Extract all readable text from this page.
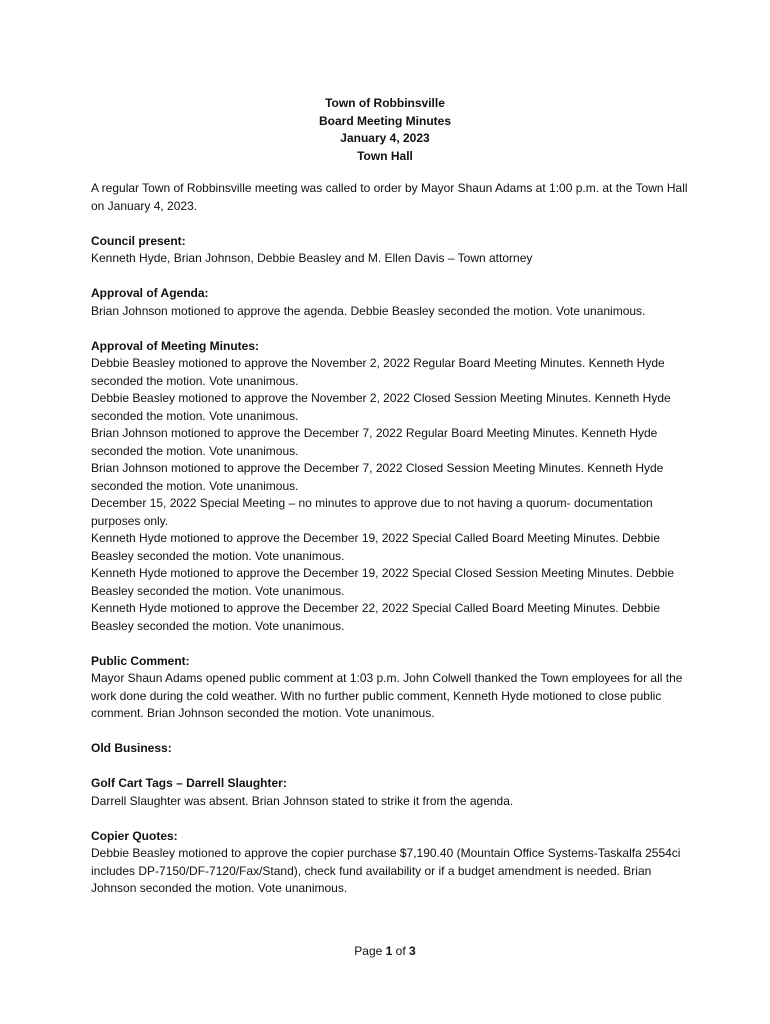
Town of Robbinsville
Board Meeting Minutes
January 4, 2023
Town Hall

A regular Town of Robbinsville meeting was called to order by Mayor Shaun Adams at 1:00 p.m. at the Town Hall on January 4, 2023.

Council present:

Kenneth Hyde, Brian Johnson, Debbie Beasley and M. Ellen Davis – Town attorney

Approval of Agenda:

Brian Johnson motioned to approve the agenda. Debbie Beasley seconded the motion. Vote unanimous.

Approval of Meeting Minutes:

Debbie Beasley motioned to approve the November 2, 2022 Regular Board Meeting Minutes. Kenneth Hyde seconded the motion. Vote unanimous.

Debbie Beasley motioned to approve the November 2, 2022 Closed Session Meeting Minutes. Kenneth Hyde seconded the motion. Vote unanimous.

Brian Johnson motioned to approve the December 7, 2022 Regular Board Meeting Minutes. Kenneth Hyde seconded the motion. Vote unanimous.

Brian Johnson motioned to approve the December 7, 2022 Closed Session Meeting Minutes. Kenneth Hyde seconded the motion. Vote unanimous.

December 15, 2022 Special Meeting – no minutes to approve due to not having a quorum- documentation purposes only.

Kenneth Hyde motioned to approve the December 19, 2022 Special Called Board Meeting Minutes. Debbie Beasley seconded the motion. Vote unanimous.

Kenneth Hyde motioned to approve the December 19, 2022 Special Closed Session Meeting Minutes. Debbie Beasley seconded the motion. Vote unanimous.

Kenneth Hyde motioned to approve the December 22, 2022 Special Called Board Meeting Minutes. Debbie Beasley seconded the motion. Vote unanimous.

Public Comment:

Mayor Shaun Adams opened public comment at 1:03 p.m. John Colwell thanked the Town employees for all the work done during the cold weather. With no further public comment, Kenneth Hyde motioned to close public comment. Brian Johnson seconded the motion. Vote unanimous.

Old Business:

Golf Cart Tags – Darrell Slaughter:

Darrell Slaughter was absent. Brian Johnson stated to strike it from the agenda.

Copier Quotes:

Debbie Beasley motioned to approve the copier purchase $7,190.40 (Mountain Office Systems-Taskalfa 2554ci includes DP-7150/DF-7120/Fax/Stand), check fund availability or if a budget amendment is needed. Brian Johnson seconded the motion. Vote unanimous.

Page 1 of 3
